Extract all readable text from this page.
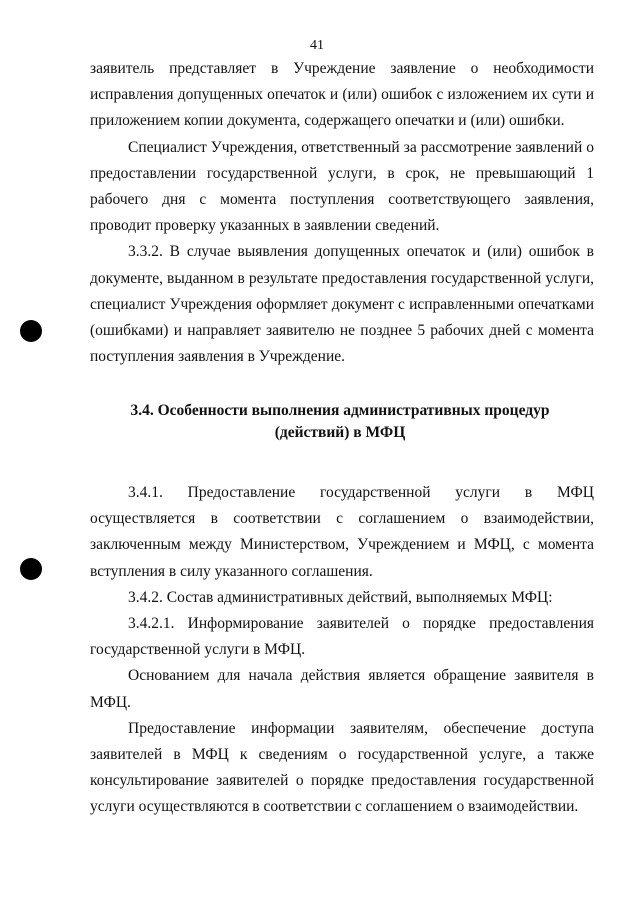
41

заявитель представляет в Учреждение заявление о необходимости исправления допущенных опечаток и (или) ошибок с изложением их сути и приложением копии документа, содержащего опечатки и (или) ошибки.

Специалист Учреждения, ответственный за рассмотрение заявлений о предоставлении государственной услуги, в срок, не превышающий 1 рабочего дня с момента поступления соответствующего заявления, проводит проверку указанных в заявлении сведений.

3.3.2. В случае выявления допущенных опечаток и (или) ошибок в документе, выданном в результате предоставления государственной услуги, специалист Учреждения оформляет документ с исправленными опечатками (ошибками) и направляет заявителю не позднее 5 рабочих дней с момента поступления заявления в Учреждение.

3.4. Особенности выполнения административных процедур
(действий) в МФЦ

3.4.1. Предоставление государственной услуги в МФЦ осуществляется в соответствии с соглашением о взаимодействии, заключенным между Министерством, Учреждением и МФЦ, с момента вступления в силу указанного соглашения.

3.4.2. Состав административных действий, выполняемых МФЦ:

3.4.2.1. Информирование заявителей о порядке предоставления государственной услуги в МФЦ.

Основанием для начала действия является обращение заявителя в МФЦ.

Предоставление информации заявителям, обеспечение доступа заявителей в МФЦ к сведениям о государственной услуге, а также консультирование заявителей о порядке предоставления государственной услуги осуществляются в соответствии с соглашением о взаимодействии.
